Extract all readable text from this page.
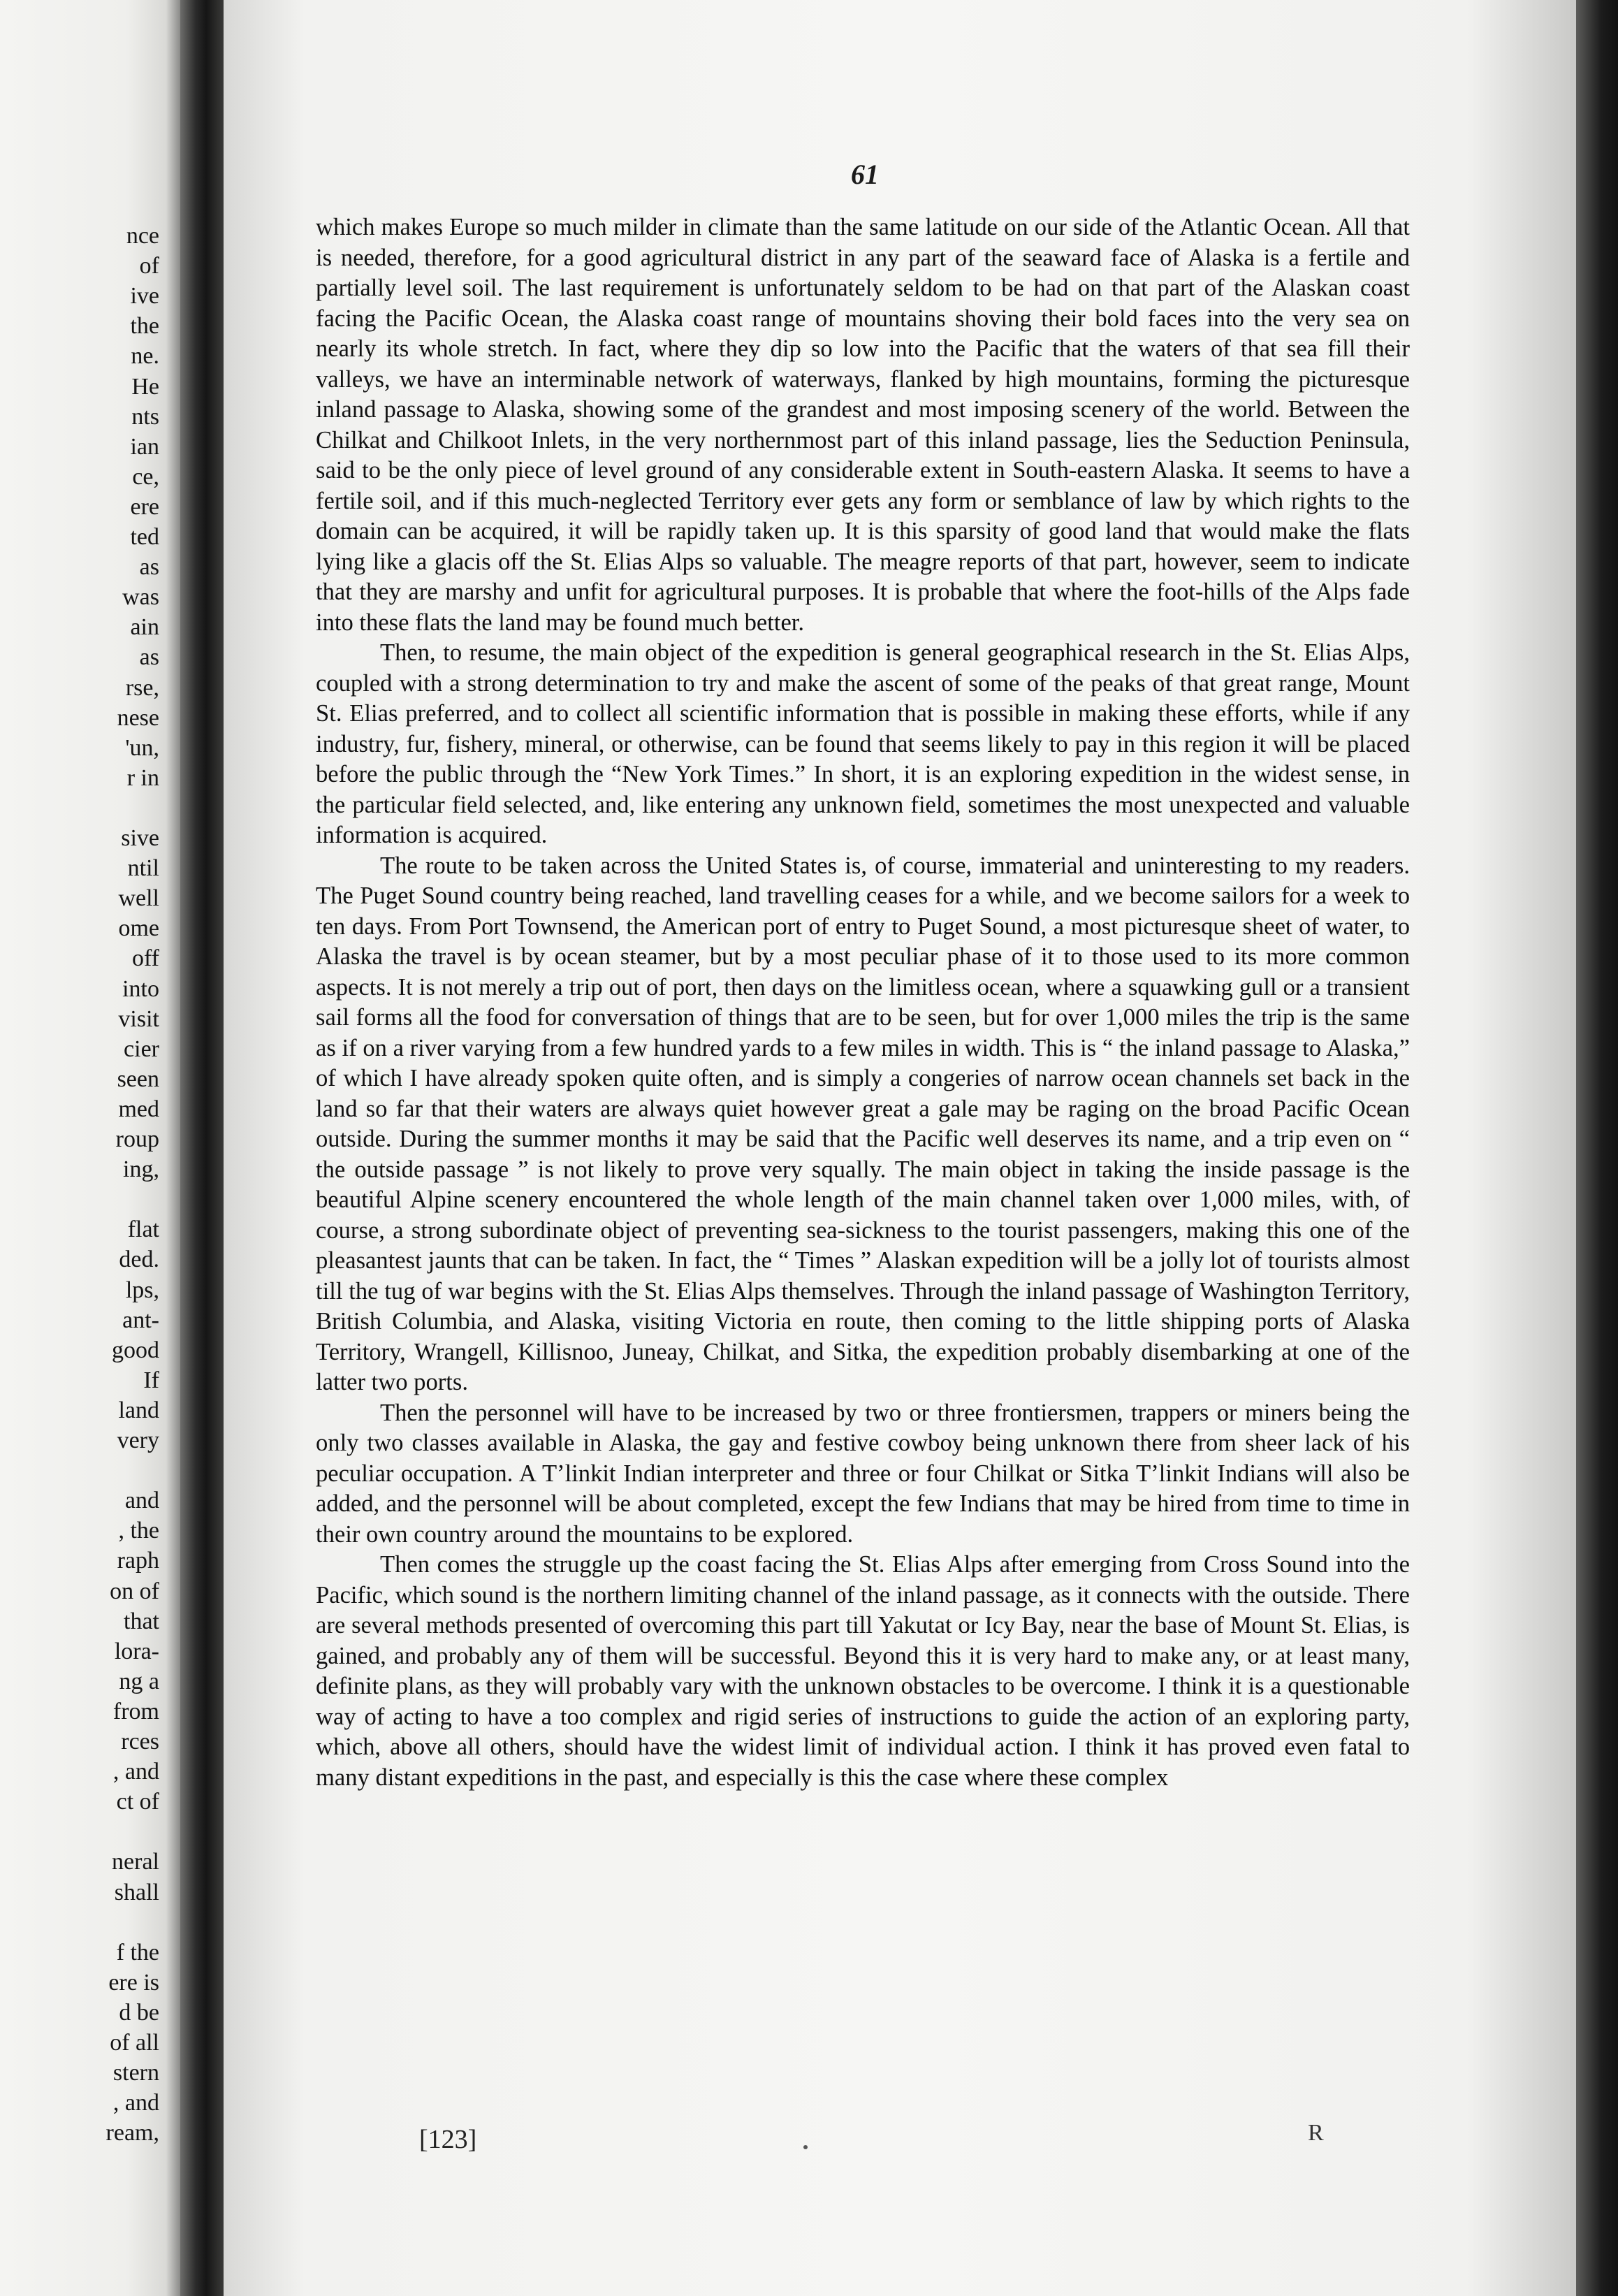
nce
of
ive
the
ne.
He
nts
ian
ce,
ere
ted
as
was
ain
as
rse,
nese
'un,
r in
sive
ntil
well
ome
off
into
visit
cier
seen
med
roup
ing,
flat
ded.
lps,
ant-
good
If
land
very
and
, the
raph
on of
that
lora-
ng a
from
rces
, and
ct of
neral
shall
f the
ere is
d be
of all
stern
, and
ream,
61

which makes Europe so much milder in climate than the same latitude on our side of the Atlantic Ocean. All that is needed, therefore, for a good agricultural district in any part of the seaward face of Alaska is a fertile and partially level soil. The last requirement is unfortunately seldom to be had on that part of the Alaskan coast facing the Pacific Ocean, the Alaska coast range of mountains shoving their bold faces into the very sea on nearly its whole stretch. In fact, where they dip so low into the Pacific that the waters of that sea fill their valleys, we have an interminable network of waterways, flanked by high mountains, forming the picturesque inland passage to Alaska, showing some of the grandest and most imposing scenery of the world. Between the Chilkat and Chilkoot Inlets, in the very northernmost part of this inland passage, lies the Seduction Peninsula, said to be the only piece of level ground of any considerable extent in South-eastern Alaska. It seems to have a fertile soil, and if this much-neglected Territory ever gets any form or semblance of law by which rights to the domain can be acquired, it will be rapidly taken up. It is this sparsity of good land that would make the flats lying like a glacis off the St. Elias Alps so valuable. The meagre reports of that part, however, seem to indicate that they are marshy and unfit for agricultural purposes. It is probable that where the foot-hills of the Alps fade into these flats the land may be found much better.

Then, to resume, the main object of the expedition is general geographical research in the St. Elias Alps, coupled with a strong determination to try and make the ascent of some of the peaks of that great range, Mount St. Elias preferred, and to collect all scientific information that is possible in making these efforts, while if any industry, fur, fishery, mineral, or otherwise, can be found that seems likely to pay in this region it will be placed before the public through the “New York Times.” In short, it is an exploring expedition in the widest sense, in the particular field selected, and, like entering any unknown field, sometimes the most unexpected and valuable information is acquired.

The route to be taken across the United States is, of course, immaterial and uninteresting to my readers. The Puget Sound country being reached, land travelling ceases for a while, and we become sailors for a week to ten days. From Port Townsend, the American port of entry to Puget Sound, a most picturesque sheet of water, to Alaska the travel is by ocean steamer, but by a most peculiar phase of it to those used to its more common aspects. It is not merely a trip out of port, then days on the limitless ocean, where a squawking gull or a transient sail forms all the food for conversation of things that are to be seen, but for over 1,000 miles the trip is the same as if on a river varying from a few hundred yards to a few miles in width. This is “ the inland passage to Alaska,” of which I have already spoken quite often, and is simply a congeries of narrow ocean channels set back in the land so far that their waters are always quiet however great a gale may be raging on the broad Pacific Ocean outside. During the summer months it may be said that the Pacific well deserves its name, and a trip even on “ the outside passage ” is not likely to prove very squally. The main object in taking the inside passage is the beautiful Alpine scenery encountered the whole length of the main channel taken over 1,000 miles, with, of course, a strong subordinate object of preventing sea-sickness to the tourist passengers, making this one of the pleasantest jaunts that can be taken. In fact, the “ Times ” Alaskan expedition will be a jolly lot of tourists almost till the tug of war begins with the St. Elias Alps themselves. Through the inland passage of Washington Territory, British Columbia, and Alaska, visiting Victoria en route, then coming to the little shipping ports of Alaska Territory, Wrangell, Killisnoo, Juneay, Chilkat, and Sitka, the expedition probably disembarking at one of the latter two ports.

Then the personnel will have to be increased by two or three frontiersmen, trappers or miners being the only two classes available in Alaska, the gay and festive cowboy being unknown there from sheer lack of his peculiar occupation. A T’linkit Indian interpreter and three or four Chilkat or Sitka T’linkit Indians will also be added, and the personnel will be about completed, except the few Indians that may be hired from time to time in their own country around the mountains to be explored.

Then comes the struggle up the coast facing the St. Elias Alps after emerging from Cross Sound into the Pacific, which sound is the northern limiting channel of the inland passage, as it connects with the outside. There are several methods presented of overcoming this part till Yakutat or Icy Bay, near the base of Mount St. Elias, is gained, and probably any of them will be successful. Beyond this it is very hard to make any, or at least many, definite plans, as they will probably vary with the unknown obstacles to be overcome. I think it is a questionable way of acting to have a too complex and rigid series of instructions to guide the action of an exploring party, which, above all others, should have the widest limit of individual action. I think it has proved even fatal to many distant expeditions in the past, and especially is this the case where these complex

[123]	R
